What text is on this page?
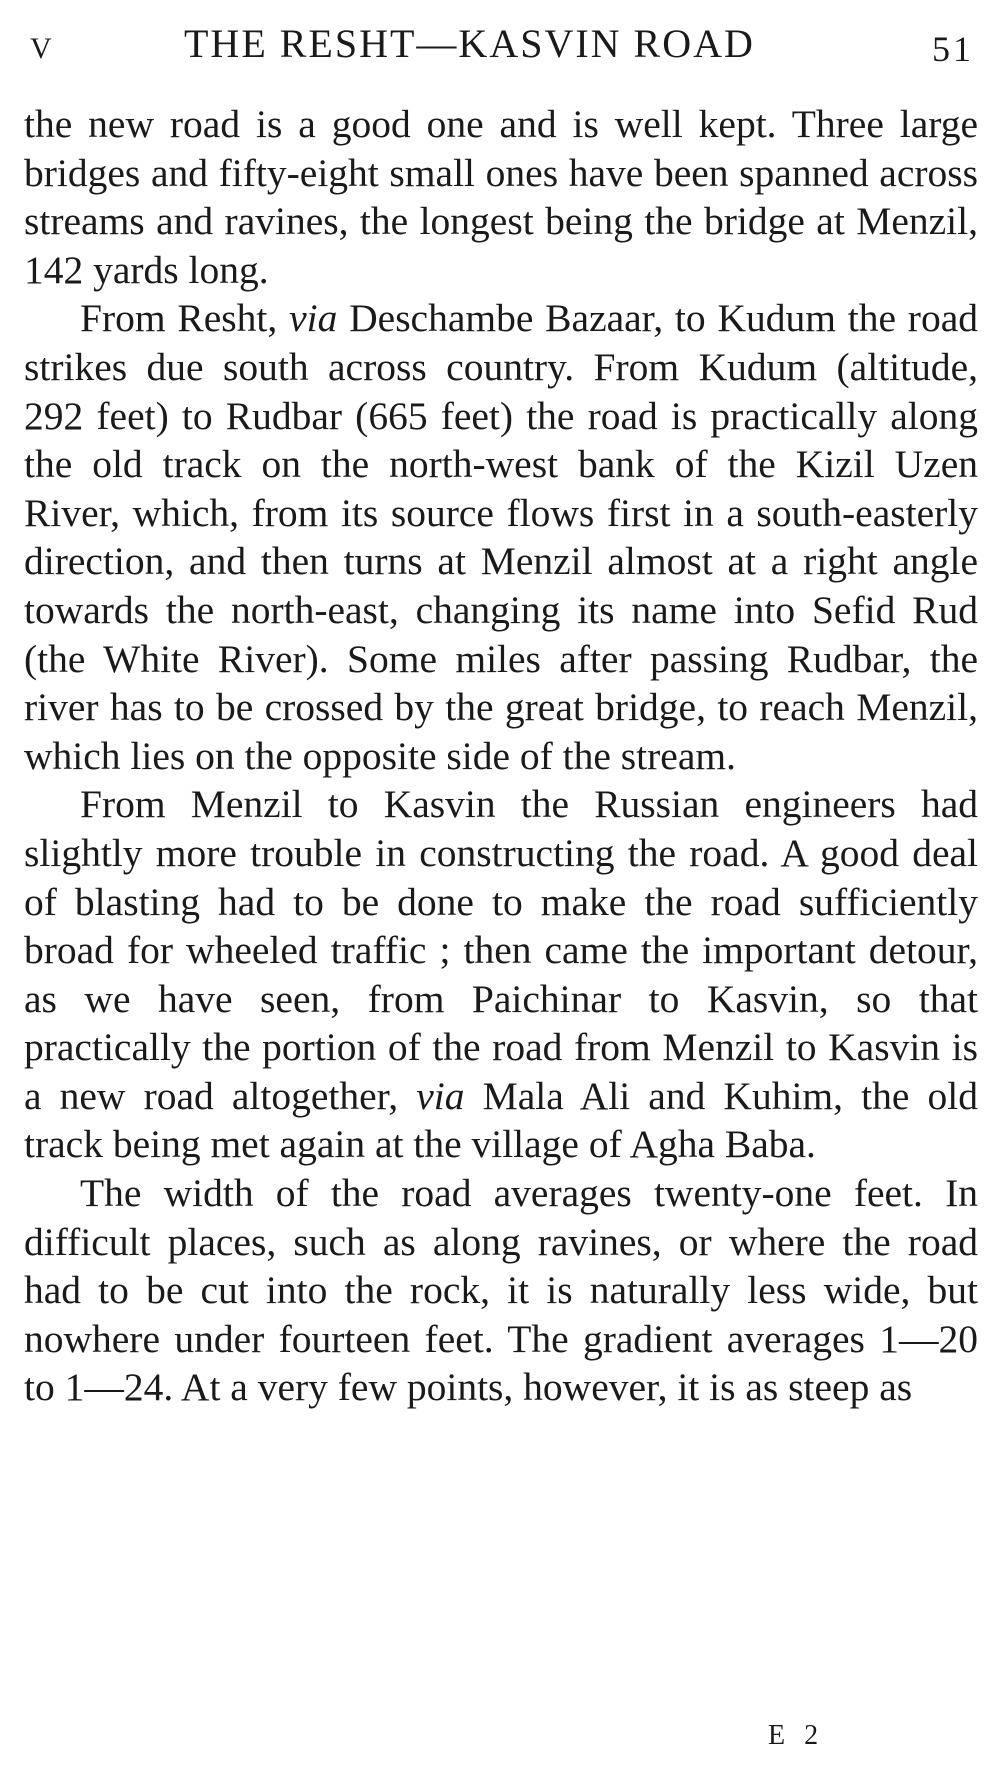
V	THE RESHT—KASVIN ROAD	51

the new road is a good one and is well kept. Three large bridges and fifty-eight small ones have been spanned across streams and ravines, the longest being the bridge at Menzil, 142 yards long.

From Resht, via Deschambe Bazaar, to Kudum the road strikes due south across country. From Kudum (altitude, 292 feet) to Rudbar (665 feet) the road is practically along the old track on the north-west bank of the Kizil Uzen River, which, from its source flows first in a south-easterly direction, and then turns at Menzil almost at a right angle towards the north-east, changing its name into Sefid Rud (the White River). Some miles after passing Rudbar, the river has to be crossed by the great bridge, to reach Menzil, which lies on the opposite side of the stream.

From Menzil to Kasvin the Russian engineers had slightly more trouble in constructing the road. A good deal of blasting had to be done to make the road sufficiently broad for wheeled traffic ; then came the important detour, as we have seen, from Paichinar to Kasvin, so that practically the portion of the road from Menzil to Kasvin is a new road altogether, via Mala Ali and Kuhim, the old track being met again at the village of Agha Baba.

The width of the road averages twenty-one feet. In difficult places, such as along ravines, or where the road had to be cut into the rock, it is naturally less wide, but nowhere under fourteen feet. The gradient averages 1—20 to 1—24. At a very few points, however, it is as steep as

E 2
